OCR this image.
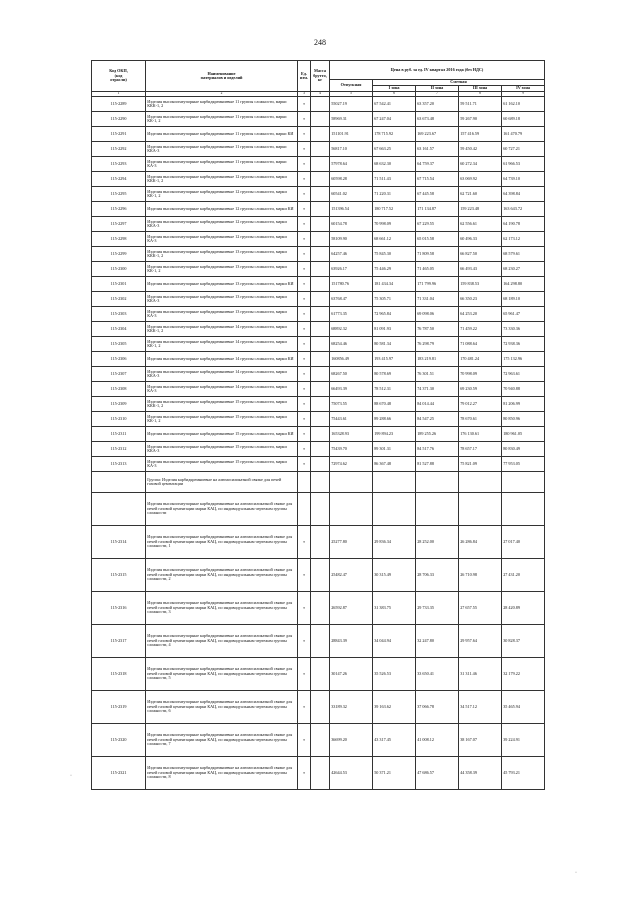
248
Код ОКП,
(код
отрасли)	Наименование
материалов и изделий	Ед.
изм.	Масса
брутто,
кг	Цена в руб. за ед. IV квартал 2016 года (без НДС)				
				Отпускная	Сметная			
					I зона	II зона	III зона	IV зона
1	2	3	4	5	6	7	8	9
115-2289	Изделия высокоогнеупорные карбидкремниевые 11 группы сложности, марки ККК-1, 2	т		55027.19	67 542.41	63 357.20	59 511.71	61 162.10
115-2290	Изделия высокоогнеупорные карбидкремниевые 11 группы сложности, марки КК-1, 2	т		58969.31	67 247.04	63 673.48	59 267.90	60 689.18
115-2291	Изделия высокоогнеупорные карбидкремниевые 11 группы сложности, марки КИ	т		151101.91	178 715.92	169 223.67	157 416.59	161 470.79
115-2292	Изделия высокоогнеупорные карбидкремниевые 11 группы сложности, марки ККА-3	т		56817.10	67 663.25	63 161.57	59 450.42	60 727.21
115-2293	Изделия высокоогнеупорные карбидкремниевые 11 группы сложности, марки КА-3	т		57978.64	68 632.30	64 759.37	60 272.34	61 966.53
115-2294	Изделия высокоогнеупорные карбидкремниевые 12 группы сложности, марки ККК-1, 2	т		60598.28	71 511.43	67 715.54	63 069.92	64 739.10
115-2295	Изделия высокоогнеупорные карбидкремниевые 12 группы сложности, марки КК-1, 2	т		60541.02	71 220.31	67 445.58	62 721.60	64 398.84
115-2296	Изделия высокоогнеупорные карбидкремниевые 12 группы сложности, марки КИ	т		151396.54	180 717.52	171 134.87	159 223.48	163 643.72
115-2297	Изделия высокоогнеупорные карбидкремниевые 12 группы сложности, марки ККА-3	т		60154.78	70 998.09	67 229.55	62 556.61	64 190.78
115-2298	Изделия высокоогнеупорные карбидкремниевые 12 группы сложности, марки КА-3	т		58109.90	68 661.12	65 015.58	60 496.33	62 173.12
115-2299	Изделия высокоогнеупорные карбидкремниевые 13 группы сложности, марки ККК-1, 2	т		64257.46	75 845.30	71 809.58	66 827.50	68 579.61
115-2300	Изделия высокоогнеупорные карбидкремниевые 13 группы сложности, марки КК-1, 2	т		63926.17	75 446.29	71 465.05	66 493.43	68 230.27
115-2301	Изделия высокоогнеупорные карбидкремниевые 13 группы сложности, марки КИ	т		151780.76	181 434.34	171 799.96	159 838.53	164 298.80
115-2302	Изделия высокоогнеупорные карбидкремниевые 13 группы сложности, марки ККА-3	т		63768.47	75 305.71	71 331.04	66 350.23	68 189.10
115-2303	Изделия высокоогнеупорные карбидкремниевые 13 группы сложности, марки КА-3	т		61773.35	72 965.84	69 098.06	64 253.20	65 961.47
115-2304	Изделия высокоогнеупорные карбидкремниевые 14 группы сложности, марки ККК-1, 2	т		68892.32	81 091.93	76 787.50	71 459.22	73 330.36
115-2305	Изделия высокоогнеупорные карбидкремниевые 14 группы сложности, марки КК-1, 2	т		68254.46	80 581.34	76 298.79	71 088.64	72 938.36
115-2306	Изделия высокоогнеупорные карбидкремниевые 14 группы сложности, марки КИ	т		160856.49	193 415.97	183 219.81	170 481.24	175 132.96
115-2307	Изделия высокоогнеупорные карбидкремниевые 14 группы сложности, марки ККА-3	т		68267.50	80 578.69	76 301.51	70 998.09	72 963.61
115-2308	Изделия высокоогнеупорные карбидкремниевые 14 группы сложности, марки КА-3	т		66493.39	78 512.31	74 371.30	69 230.59	70 940.88
115-2309	Изделия высокоогнеупорные карбидкремниевые 15 группы сложности, марки ККК-1, 2	т		75073.55	88 670.48	84 014.44	79 012.27	81 206.99
115-2310	Изделия высокоогнеупорные карбидкремниевые 15 группы сложности, марки КК-1, 2	т		75443.61	89 288.66	84 547.25	78 670.61	80 850.96
115-2311	Изделия высокоогнеупорные карбидкремниевые 15 группы сложности, марки КИ	т		165328.93	199 894.23	189 255.26	176 130.61	180 961.05
115-2312	Изделия высокоогнеупорные карбидкремниевые 15 группы сложности, марки ККА-3	т		75439.70	89 301.31	84 517.76	78 657.17	80 830.49
115-2313	Изделия высокоогнеупорные карбидкремниевые 15 группы сложности, марки КА-3	т		72974.62	86 367.48	81 527.88	75 821.09	77 953.05
	Группа: Изделия карбидкремниевые на алюмосиликатной связке для печей газовой цементации							
	Изделия высокоогнеупорные карбидкремниевые на алюмосиликатной связке для печей газовой цементации марки КАЦ, по индивидуальным чертежам группы сложности							
115-2314	Изделия высокоогнеупорные карбидкремниевые на алюмосиликатной связке для печей газовой цементации марки КАЦ, по индивидуальным чертежам группы сложности, 1	т		25277.80	29 836.34	28 252.00	26 286.84	27 017.40
115-2315	Изделия высокоогнеупорные карбидкремниевые на алюмосиликатной связке для печей газовой цементации марки КАЦ, по индивидуальным чертежам группы сложности, 2	т		25482.47	30 315.49	28 706.33	26 710.98	27 431.20
115-2316	Изделия высокоогнеупорные карбидкремниевые на алюмосиликатной связке для печей газовой цементации марки КАЦ, по индивидуальным чертежам группы сложности, 3	т		26592.87	31 383.75	29 733.35	27 657.55	28 420.89
115-2317	Изделия высокоогнеупорные карбидкремниевые на алюмосиликатной связке для печей газовой цементации марки КАЦ, по индивидуальным чертежам группы сложности, 4	т		28843.39	34 044.94	32 247.80	29 957.64	30 828.37
115-2318	Изделия высокоогнеупорные карбидкремниевые на алюмосиликатной связке для печей газовой цементации марки КАЦ, по индивидуальным чертежам группы сложности, 5	т		30147.26	35 526.53	33 650.41	31 311.46	32 179.22
115-2319	Изделия высокоогнеупорные карбидкремниевые на алюмосиликатной связке для печей газовой цементации марки КАЦ, по индивидуальным чертежам группы сложности, 6	т		33189.32	39 163.62	37 066.78	34 517.12	35 465.94
115-2320	Изделия высокоогнеупорные карбидкремниевые на алюмосиликатной связке для печей газовой цементации марки КАЦ, по индивидуальным чертежам группы сложности, 7	т		36699.20	43 317.45	41 008.12	38 167.07	39 224.91
115-2321	Изделия высокоогнеупорные карбидкремниевые на алюмосиликатной связке для печей газовой цементации марки КАЦ, по индивидуальным чертежам группы сложности, 8	т		42644.53	50 371.21	47 686.57	44 358.39	45 793.21
·
·
